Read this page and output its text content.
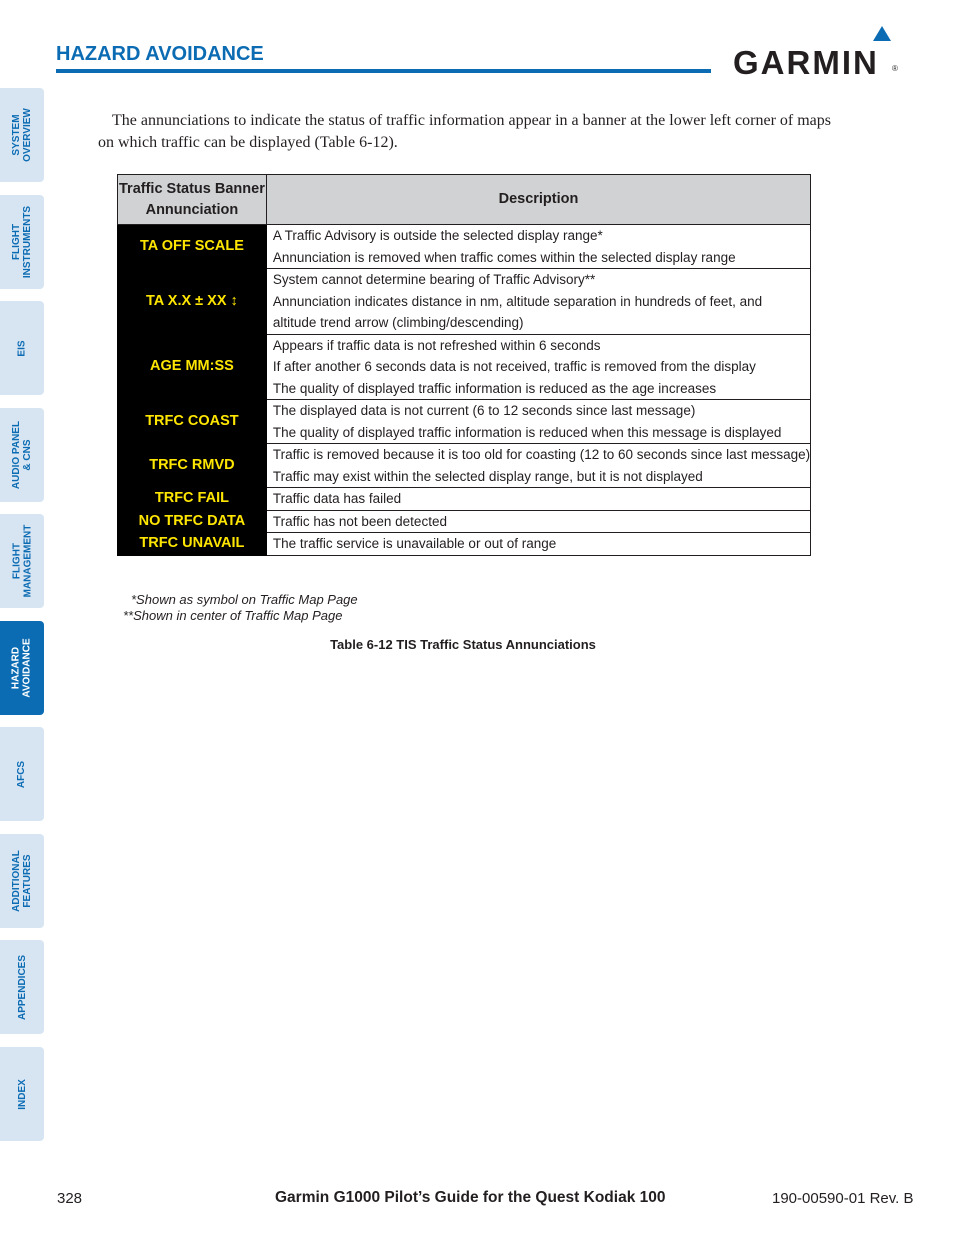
HAZARD AVOIDANCE	GARMIN ®
SYSTEM
OVERVIEW
FLIGHT
INSTRUMENTS
EIS
AUDIO PANEL
& CNS
FLIGHT
MANAGEMENT
HAZARD
AVOIDANCE
AFCS
ADDITIONAL
FEATURES
APPENDICES
INDEX
The annunciations to indicate the status of traffic information appear in a banner at the lower left corner of maps on which traffic can be displayed (Table 6-12).
Traffic Status Banner
Annunciation	Description
TA OFF SCALE	A Traffic Advisory is outside the selected display range*
Annunciation is removed when traffic comes within the selected display range

TA X.X ± XX ↕	System cannot determine bearing of Traffic Advisory**
Annunciation indicates distance in nm, altitude separation in hundreds of feet, and
altitude trend arrow (climbing/descending)

AGE MM:SS	Appears if traffic data is not refreshed within 6 seconds
If after another 6 seconds data is not received, traffic is removed from the display
The quality of displayed traffic information is reduced as the age increases

TRFC COAST	The displayed data is not current (6 to 12 seconds since last message)
The quality of displayed traffic information is reduced when this message is displayed

TRFC RMVD	Traffic is removed because it is too old for coasting (12 to 60 seconds since last message)
Traffic may exist within the selected display range, but it is not displayed

TRFC FAIL	Traffic data has failed

NO TRFC DATA	Traffic has not been detected

TRFC UNAVAIL	The traffic service is unavailable or out of range
*Shown as symbol on Traffic Map Page
**Shown in center of Traffic Map Page
Table 6-12 TIS Traffic Status Annunciations
328	Garmin G1000 Pilot’s Guide for the Quest Kodiak 100	190-00590-01 Rev. B
